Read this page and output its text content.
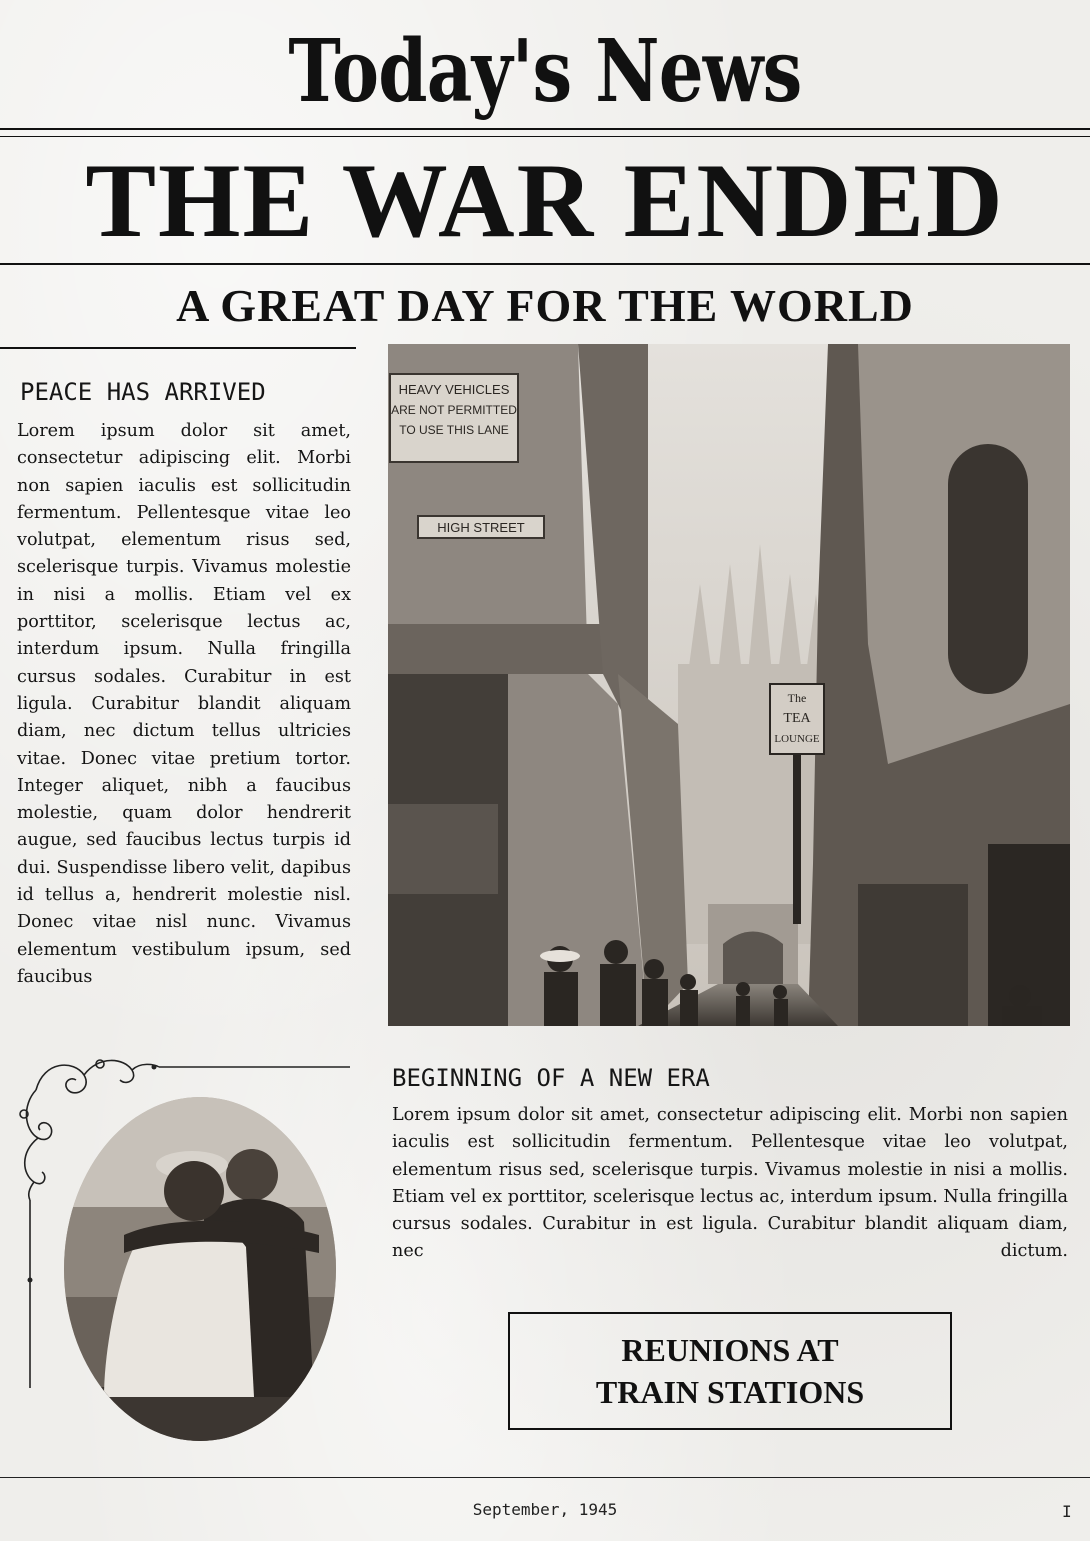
Today's News
THE WAR ENDED
A GREAT DAY FOR THE WORLD
PEACE HAS ARRIVED
Lorem ipsum dolor sit amet, consectetur adipiscing elit. Morbi non sapien iaculis est sollicitudin fermentum. Pellentesque vitae leo volutpat, elementum risus sed, scelerisque turpis. Vivamus molestie in nisi a mollis. Etiam vel ex porttitor, scelerisque lectus ac, interdum ipsum. Nulla fringilla cursus sodales. Curabitur in est ligula. Curabitur blandit aliquam diam, nec dictum tellus ultricies vitae. Donec vitae pretium tortor. Integer aliquet, nibh a faucibus molestie, quam dolor hendrerit augue, sed faucibus lectus turpis id dui. Suspendisse libero velit, dapibus id tellus a, hendrerit molestie nisl. Donec vitae nisl nunc. Vivamus elementum vestibulum ipsum, sed faucibus
HEAVY VEHICLES
ARE NOT PERMITTED
TO USE THIS LANE
HIGH STREET
The
TEA
LOUNGE
BEGINNING OF A NEW ERA
Lorem ipsum dolor sit amet, consectetur adipiscing elit. Morbi non sapien iaculis est sollicitudin fermentum. Pellentesque vitae leo volutpat, elementum risus sed, scelerisque turpis. Vivamus molestie in nisi a mollis. Etiam vel ex porttitor, scelerisque lectus ac, interdum ipsum. Nulla fringilla cursus sodales. Curabitur in est ligula. Curabitur blandit aliquam diam, nec dictum.
REUNIONS AT
TRAIN STATIONS
September, 1945	I
